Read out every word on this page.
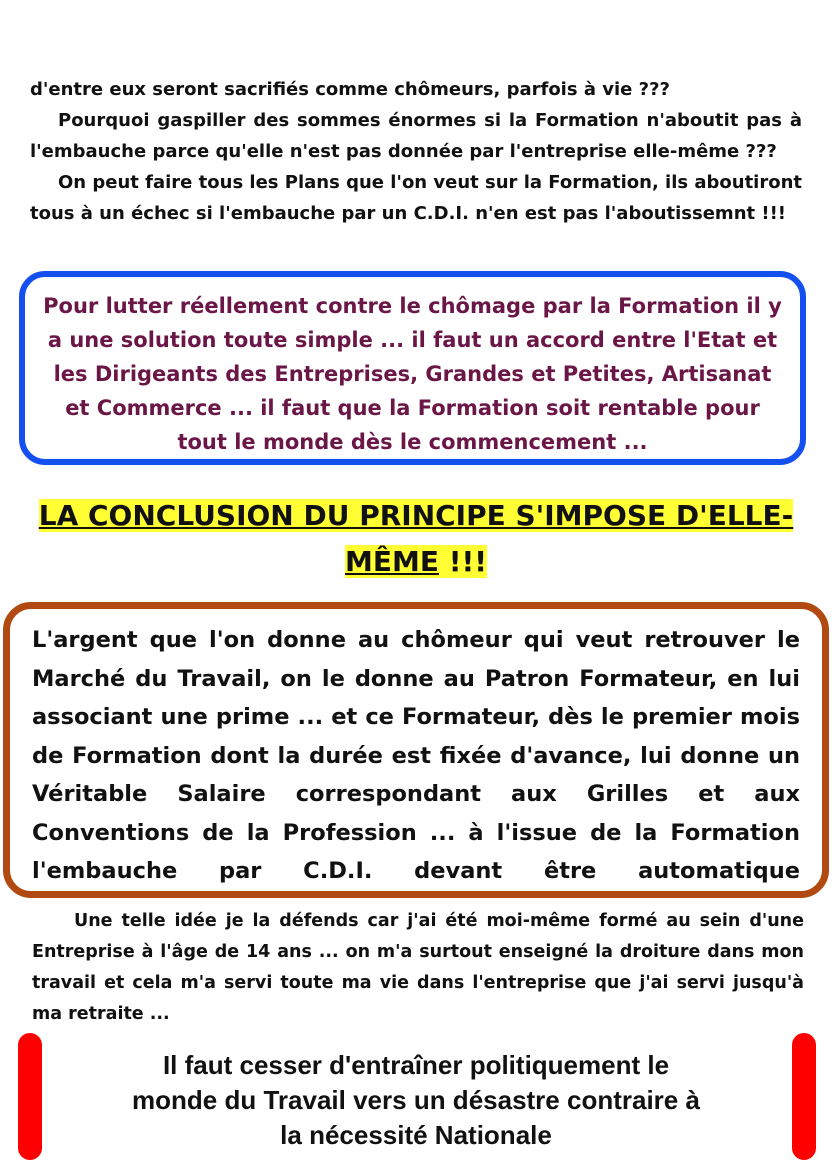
d'entre eux seront sacrifiés comme chômeurs, parfois à vie ???
Pourquoi gaspiller des sommes énormes si la Formation n'aboutit pas à l'embauche parce qu'elle n'est pas donnée par l'entreprise elle-même ???
On peut faire tous les Plans que l'on veut sur la Formation, ils aboutiront tous à un échec si l'embauche par un C.D.I. n'en est pas l'aboutissemnt !!!

Pour lutter réellement contre le chômage par la Formation il y a une solution toute simple ... il faut un accord entre l'Etat et les Dirigeants des Entreprises, Grandes et Petites, Artisanat et Commerce ... il faut que la Formation soit rentable pour tout le monde dès le commencement ...

LA CONCLUSION DU PRINCIPE S'IMPOSE D'ELLE-MÊME !!!

L'argent que l'on donne au chômeur qui veut retrouver le Marché du Travail, on le donne au Patron Formateur, en lui associant une prime ... et ce Formateur, dès le premier mois de Formation dont la durée est fixée d'avance, lui donne un Véritable Salaire correspondant aux Grilles et aux Conventions de la Profession ... à l'issue de la Formation l'embauche par C.D.I. devant être automatique

Une telle idée je la défends car j'ai été moi-même formé au sein d'une Entreprise à l'âge de 14 ans ... on m'a surtout enseigné la droiture dans mon travail et cela m'a servi toute ma vie dans l'entreprise que j'ai servi jusqu'à ma retraite ...
Il faut cesser d'entraîner politiquement le
monde du Travail vers un désastre contraire à
la nécessité Nationale
